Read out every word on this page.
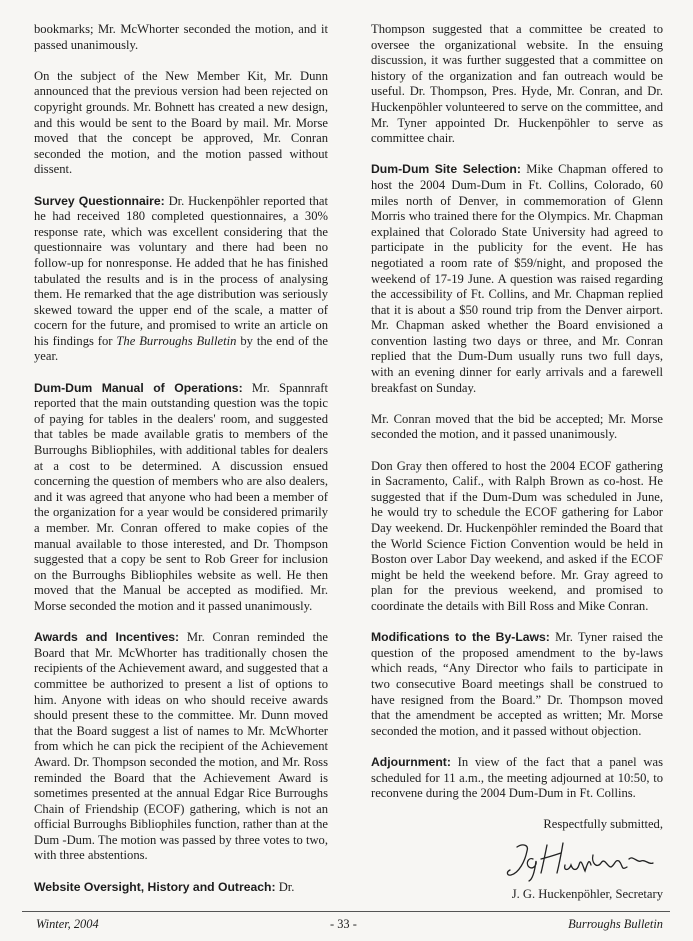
bookmarks; Mr. McWhorter seconded the motion, and it passed unanimously.

On the subject of the New Member Kit, Mr. Dunn announced that the previous version had been rejected on copyright grounds. Mr. Bohnett has created a new design, and this would be sent to the Board by mail. Mr. Morse moved that the concept be approved, Mr. Conran seconded the motion, and the motion passed without dissent.

Survey Questionnaire: Dr. Huckenpöhler reported that he had received 180 completed questionnaires, a 30% response rate, which was excellent considering that the questionnaire was voluntary and there had been no follow-up for nonresponse. He added that he has finished tabulated the results and is in the process of analysing them. He remarked that the age distribution was seriously skewed toward the upper end of the scale, a matter of cocern for the future, and promised to write an article on his findings for The Burroughs Bulletin by the end of the year.

Dum-Dum Manual of Operations: Mr. Spannraft reported that the main outstanding question was the topic of paying for tables in the dealers' room, and suggested that tables be made available gratis to members of the Burroughs Bibliophiles, with additional tables for dealers at a cost to be determined. A discussion ensued concerning the question of members who are also dealers, and it was agreed that anyone who had been a member of the organization for a year would be considered primarily a member. Mr. Conran offered to make copies of the manual available to those interested, and Dr. Thompson suggested that a copy be sent to Rob Greer for inclusion on the Burroughs Bibliophiles website as well. He then moved that the Manual be accepted as modified. Mr. Morse seconded the motion and it passed unanimously.

Awards and Incentives: Mr. Conran reminded the Board that Mr. McWhorter has traditionally chosen the recipients of the Achievement award, and suggested that a committee be authorized to present a list of options to him. Anyone with ideas on who should receive awards should present these to the committee. Mr. Dunn moved that the Board suggest a list of names to Mr. McWhorter from which he can pick the recipient of the Achievement Award. Dr. Thompson seconded the motion, and Mr. Ross reminded the Board that the Achievement Award is sometimes presented at the annual Edgar Rice Burroughs Chain of Friendship (ECOF) gathering, which is not an official Burroughs Bibliophiles function, rather than at the Dum -Dum. The motion was passed by three votes to two, with three abstentions.

Website Oversight, History and Outreach: Dr.

Thompson suggested that a committee be created to oversee the organizational website. In the ensuing discussion, it was further suggested that a committee on history of the organization and fan outreach would be useful. Dr. Thompson, Pres. Hyde, Mr. Conran, and Dr. Huckenpöhler volunteered to serve on the committee, and Mr. Tyner appointed Dr. Huckenpöhler to serve as committee chair.

Dum-Dum Site Selection: Mike Chapman offered to host the 2004 Dum-Dum in Ft. Collins, Colorado, 60 miles north of Denver, in commemoration of Glenn Morris who trained there for the Olympics. Mr. Chapman explained that Colorado State University had agreed to participate in the publicity for the event. He has negotiated a room rate of $59/night, and proposed the weekend of 17-19 June. A question was raised regarding the accessibility of Ft. Collins, and Mr. Chapman replied that it is about a $50 round trip from the Denver airport. Mr. Chapman asked whether the Board envisioned a convention lasting two days or three, and Mr. Conran replied that the Dum-Dum usually runs two full days, with an evening dinner for early arrivals and a farewell breakfast on Sunday.

Mr. Conran moved that the bid be accepted; Mr. Morse seconded the motion, and it passed unanimously.

Don Gray then offered to host the 2004 ECOF gathering in Sacramento, Calif., with Ralph Brown as co-host. He suggested that if the Dum-Dum was scheduled in June, he would try to schedule the ECOF gathering for Labor Day weekend. Dr. Huckenpöhler reminded the Board that the World Science Fiction Convention would be held in Boston over Labor Day weekend, and asked if the ECOF might be held the weekend before. Mr. Gray agreed to plan for the previous weekend, and promised to coordinate the details with Bill Ross and Mike Conran.

Modifications to the By-Laws: Mr. Tyner raised the question of the proposed amendment to the by-laws which reads, “Any Director who fails to participate in two consecutive Board meetings shall be construed to have resigned from the Board.” Dr. Thompson moved that the amendment be accepted as written; Mr. Morse seconded the motion, and it passed without objection.

Adjournment: In view of the fact that a panel was scheduled for 11 a.m., the meeting adjourned at 10:50, to reconvene during the 2004 Dum-Dum in Ft. Collins.

Respectfully submitted,

J. G. Huckenpöhler, Secretary

Winter, 2004	- 33 -	Burroughs Bulletin
